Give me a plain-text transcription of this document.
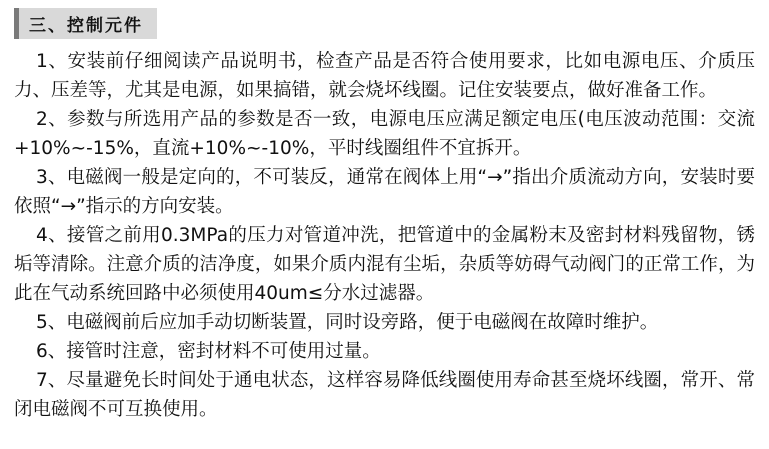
三、控制元件

1、安装前仔细阅读产品说明书，检查产品是否符合使用要求，比如电源电压、介质压力、压差等，尤其是电源，如果搞错，就会烧坏线圈。记住安装要点，做好准备工作。

2、参数与所选用产品的参数是否一致，电源电压应满足额定电压(电压波动范围：交流+10%~-15%，直流+10%~-10%，平时线圈组件不宜拆开。

3、电磁阀一般是定向的，不可装反，通常在阀体上用“→”指出介质流动方向，安装时要依照“→”指示的方向安装。

4、接管之前用0.3MPa的压力对管道冲洗，把管道中的金属粉末及密封材料残留物，锈垢等清除。注意介质的洁净度，如果介质内混有尘垢，杂质等妨碍气动阀门的正常工作，为此在气动系统回路中必须使用40um≤分水过滤器。

5、电磁阀前后应加手动切断装置，同时设旁路，便于电磁阀在故障时维护。

6、接管时注意，密封材料不可使用过量。

7、尽量避免长时间处于通电状态，这样容易降低线圈使用寿命甚至烧坏线圈，常开、常闭电磁阀不可互换使用。
